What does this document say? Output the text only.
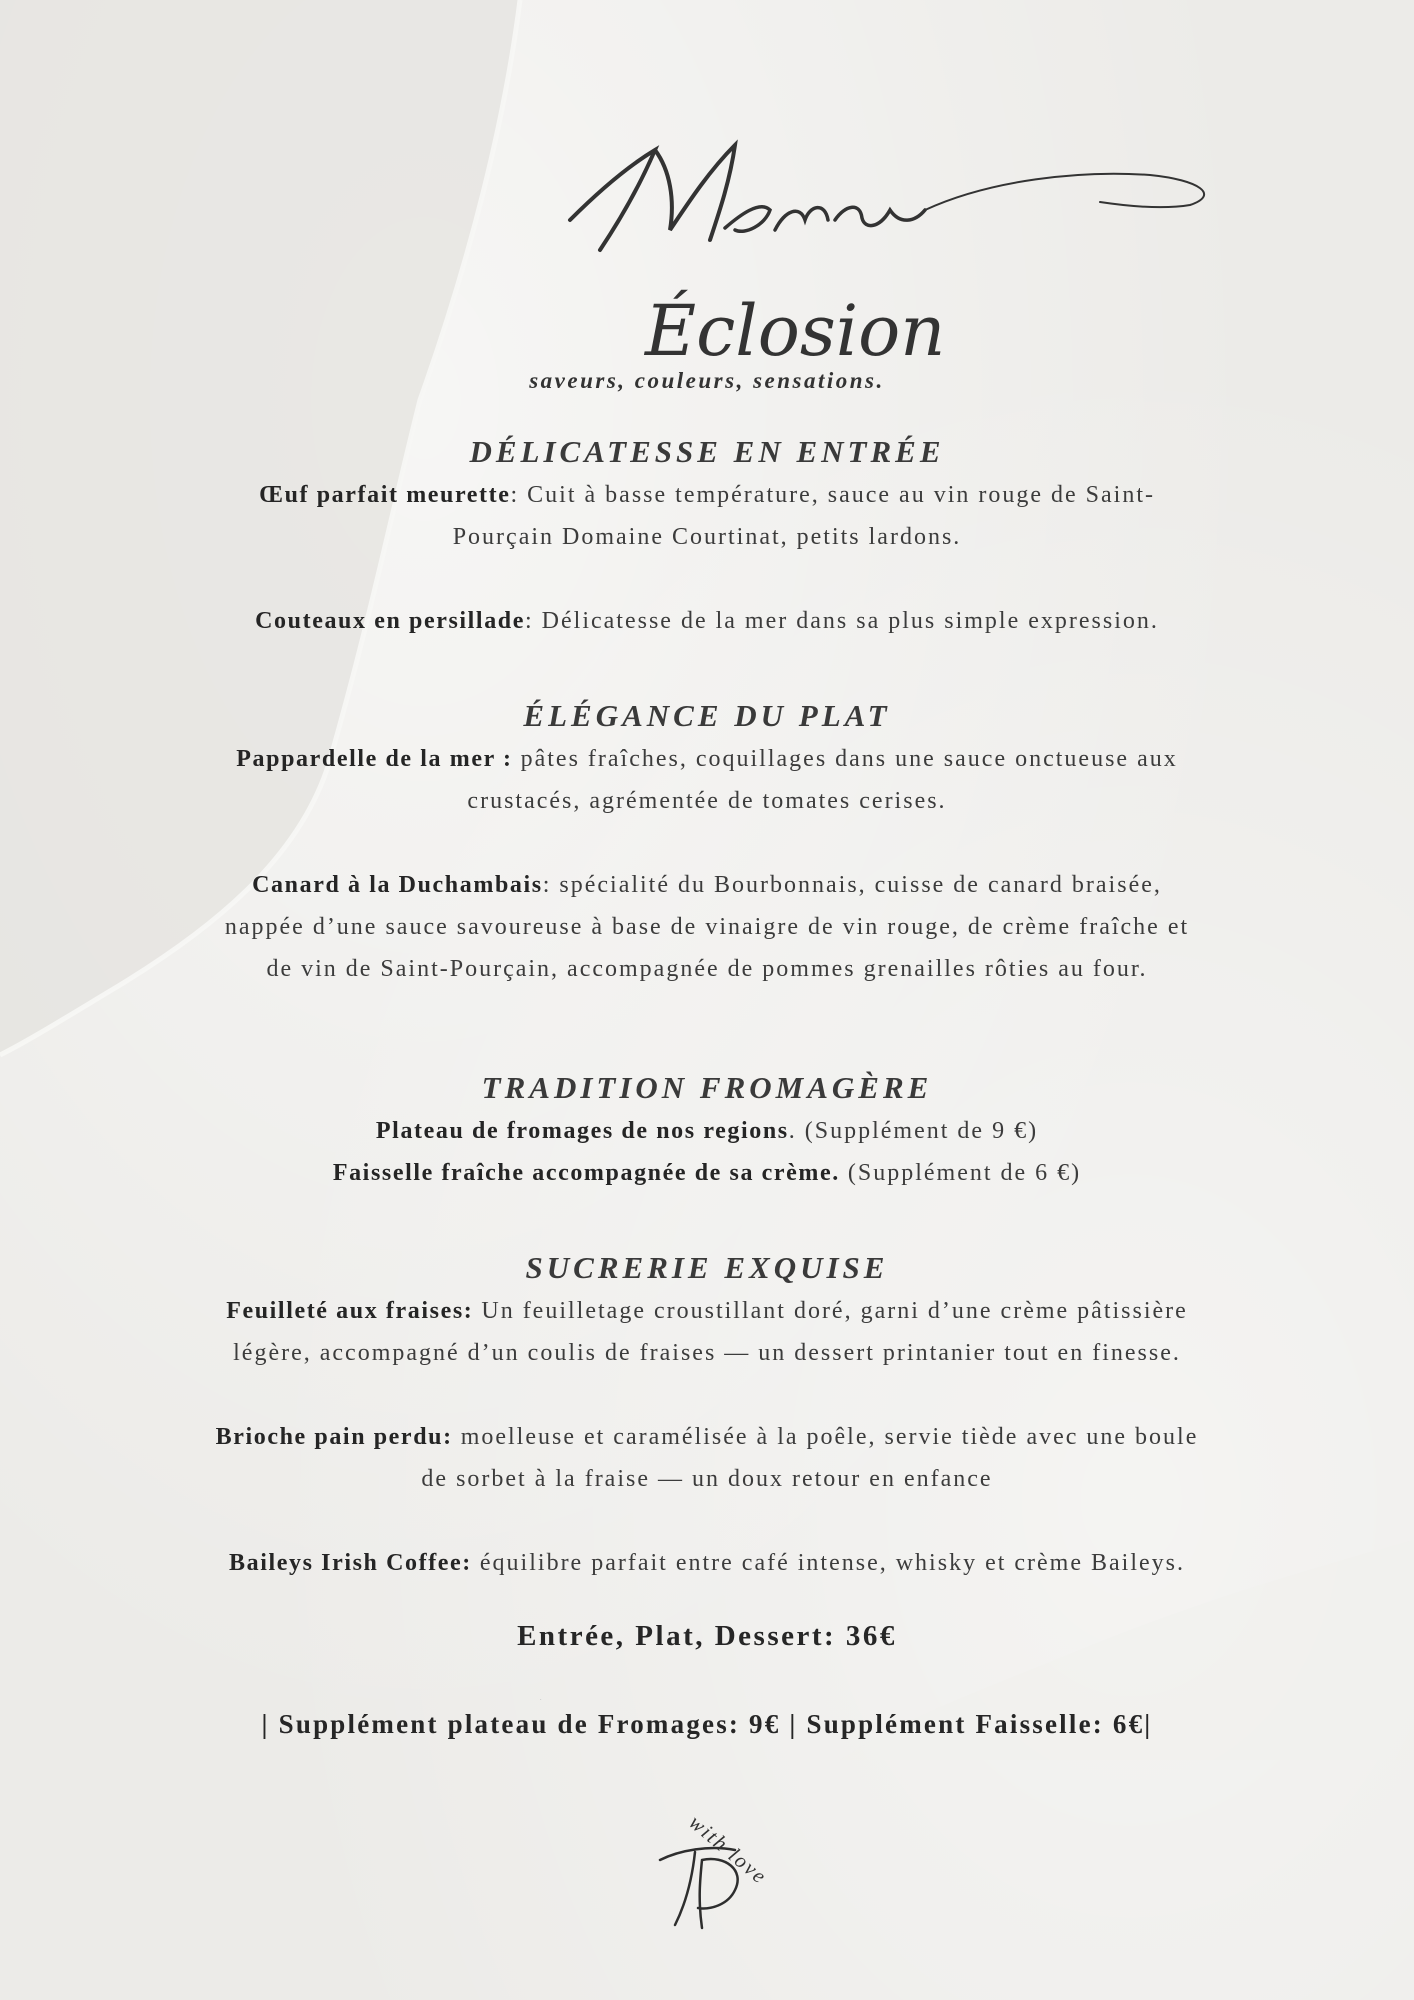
Éclosion
Menu
saveurs, couleurs, sensations.
DÉLICATESSE EN ENTRÉE

Œuf parfait meurette: Cuit à basse température, sauce au vin rouge de Saint-
Pourçain Domaine Courtinat, petits lardons.

Couteaux en persillade: Délicatesse de la mer dans sa plus simple expression.

ÉLÉGANCE DU PLAT

Pappardelle de la mer : pâtes fraîches, coquillages dans une sauce onctueuse aux
crustacés, agrémentée de tomates cerises.

Canard à la Duchambais: spécialité du Bourbonnais, cuisse de canard braisée,
nappée d’une sauce savoureuse à base de vinaigre de vin rouge, de crème fraîche et
de vin de Saint-Pourçain, accompagnée de pommes grenailles rôties au four.

TRADITION FROMAGÈRE

Plateau de fromages de nos regions. (Supplément de 9 €)

Faisselle fraîche accompagnée de sa crème. (Supplément de 6 €)

SUCRERIE EXQUISE

Feuilleté aux fraises: Un feuilletage croustillant doré, garni d’une crème pâtissière
légère, accompagné d’un coulis de fraises — un dessert printanier tout en finesse.

Brioche pain perdu: moelleuse et caramélisée à la poêle, servie tiède avec une boule
de sorbet à la fraise — un doux retour en enfance

Baileys Irish Coffee: équilibre parfait entre café intense, whisky et crème Baileys.

Entrée, Plat, Dessert: 36€

| Supplément plateau de Fromages: 9€ | Supplément Faisselle: 6€|

TP
with love
